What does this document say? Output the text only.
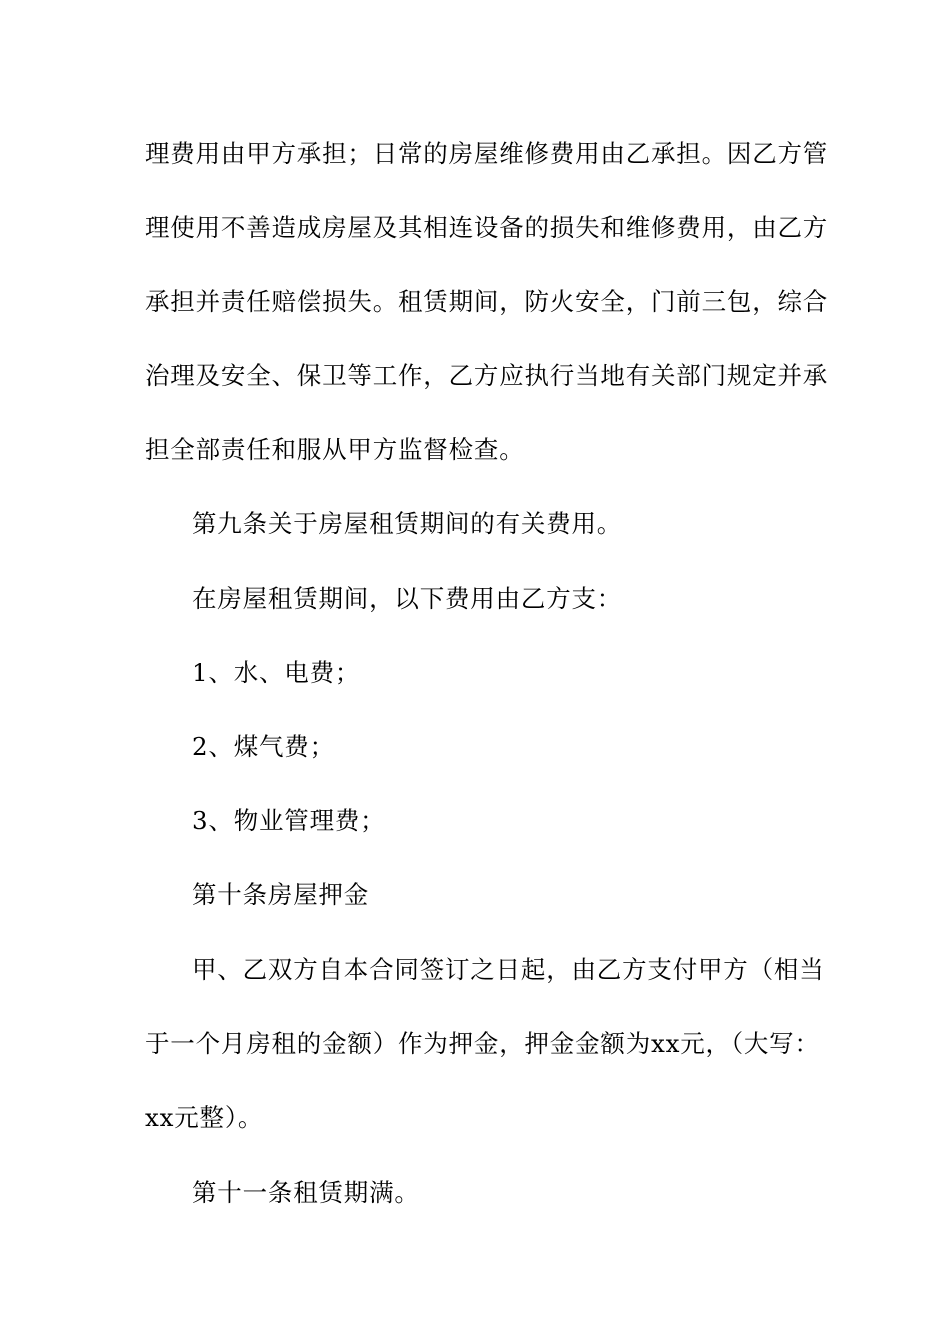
理费用由甲方承担；日常的房屋维修费用由乙承担。因乙方管
理使用不善造成房屋及其相连设备的损失和维修费用，由乙方
承担并责任赔偿损失。租赁期间，防火安全，门前三包，综合
治理及安全、保卫等工作，乙方应执行当地有关部门规定并承
担全部责任和服从甲方监督检查。
第九条关于房屋租赁期间的有关费用。
在房屋租赁期间，以下费用由乙方支：
1、水、电费；
2、煤气费；
3、物业管理费；
第十条房屋押金
甲、乙双方自本合同签订之日起，由乙方支付甲方（相当
于一个月房租的金额）作为押金，押金金额为xx元，（大写：
xx元整）。
第十一条租赁期满。
